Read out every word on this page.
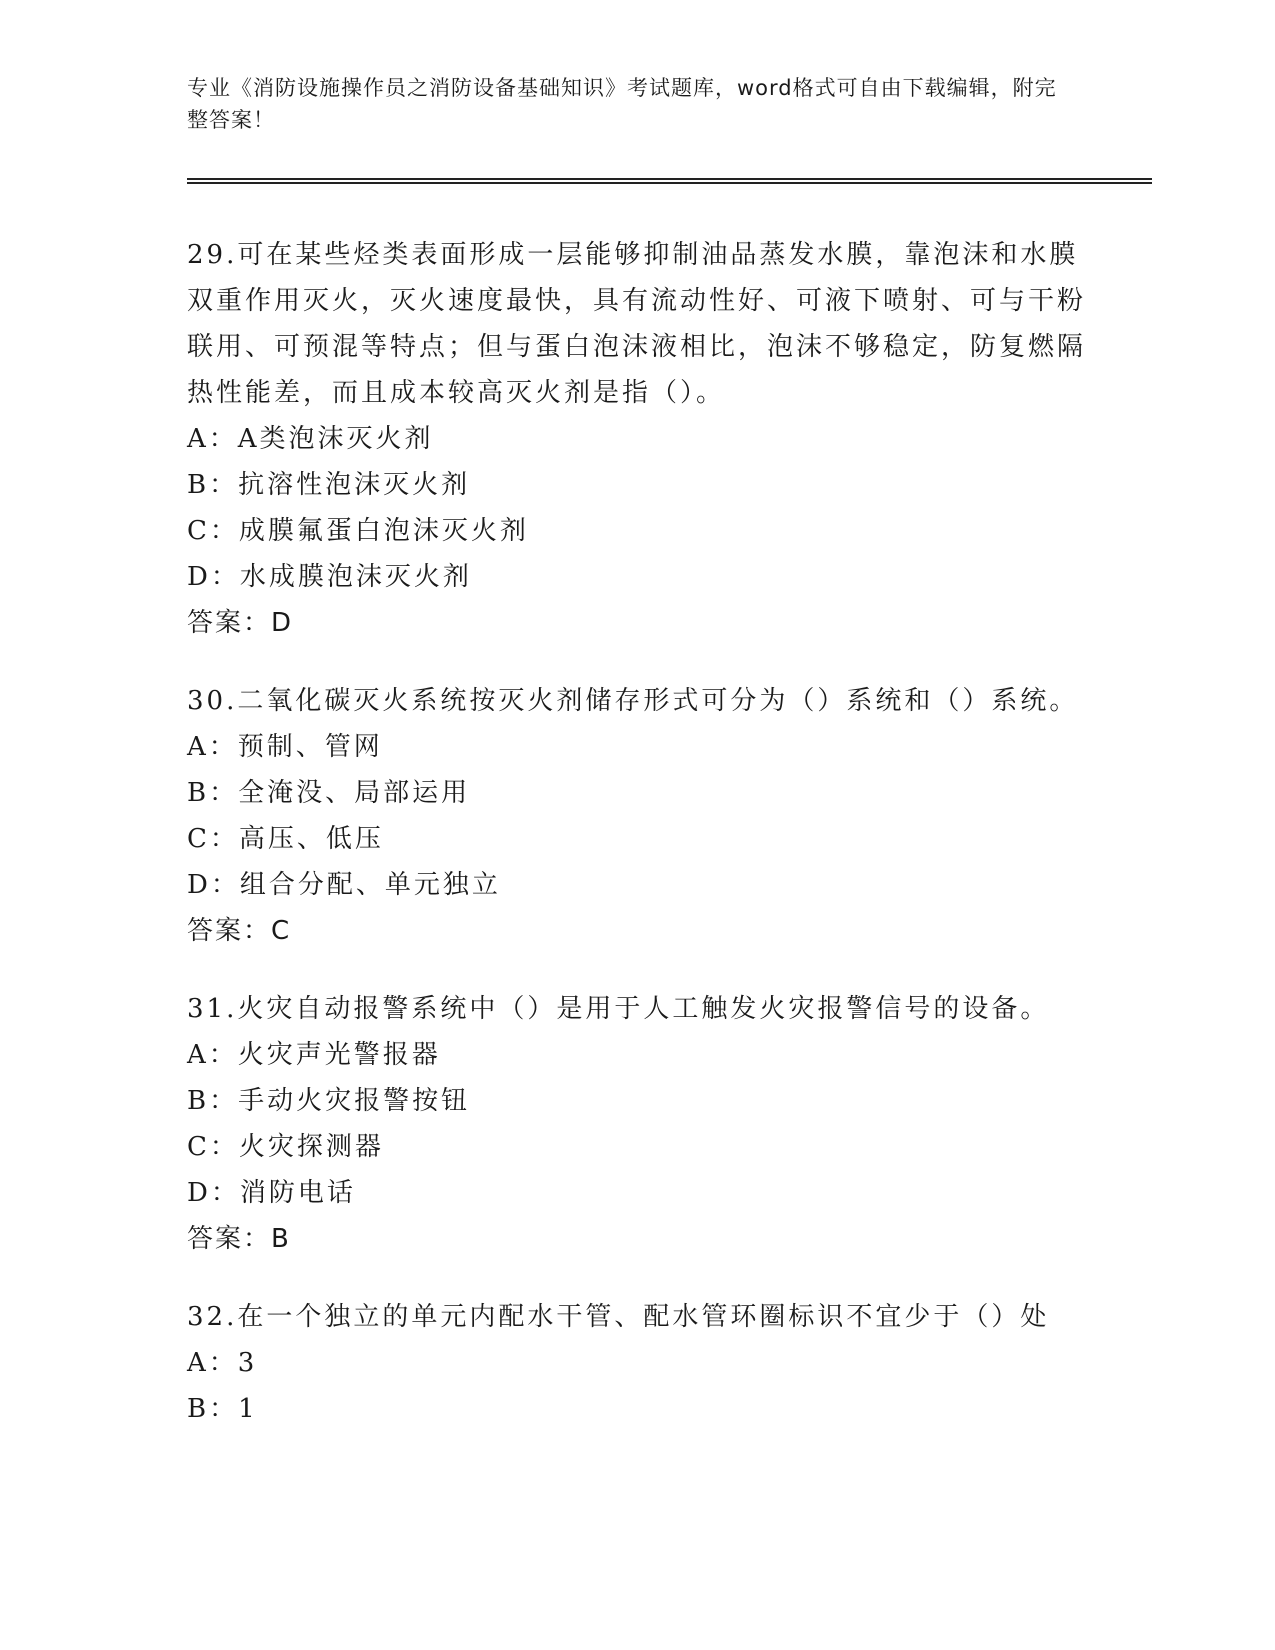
专业《消防设施操作员之消防设备基础知识》考试题库，word格式可自由下载编辑，附完整答案！

29.可在某些烃类表面形成一层能够抑制油品蒸发水膜，靠泡沫和水膜双重作用灭火，灭火速度最快，具有流动性好、可液下喷射、可与干粉联用、可预混等特点；但与蛋白泡沫液相比，泡沫不够稳定，防复燃隔热性能差，而且成本较高灭火剂是指（）。

A：A类泡沫灭火剂

B：抗溶性泡沫灭火剂

C：成膜氟蛋白泡沫灭火剂

D：水成膜泡沫灭火剂

答案：D

30.二氧化碳灭火系统按灭火剂储存形式可分为（）系统和（）系统。

A：预制、管网

B：全淹没、局部运用

C：高压、低压

D：组合分配、单元独立

答案：C

31.火灾自动报警系统中（）是用于人工触发火灾报警信号的设备。

A：火灾声光警报器

B：手动火灾报警按钮

C：火灾探测器

D：消防电话

答案：B

32.在一个独立的单元内配水干管、配水管环圈标识不宜少于（）处

A：3

B：1
